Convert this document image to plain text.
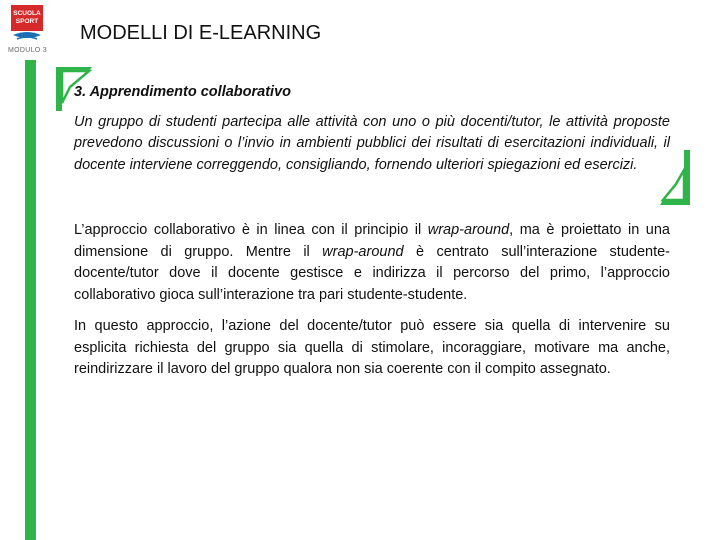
SCUOLA
SPORT
MODULO 3
MODELLI DI E-LEARNING
3. Apprendimento collaborativo

Un gruppo di studenti partecipa alle attività con uno o più docenti/tutor, le attività proposte prevedono discussioni o l’invio in ambienti pubblici dei risultati di esercitazioni individuali, il docente interviene correggendo, consigliando, fornendo ulteriori spiegazioni ed esercizi.

L’approccio collaborativo è in linea con il principio il wrap-around, ma è proiettato in una dimensione di gruppo. Mentre il wrap-around è centrato sull’interazione studente-docente/tutor dove il docente gestisce e indirizza il percorso del primo, l’approccio collaborativo gioca sull’interazione tra pari studente-studente.

In questo approccio, l’azione del docente/tutor può essere sia quella di intervenire su esplicita richiesta del gruppo sia quella di stimolare, incoraggiare, motivare ma anche, reindirizzare il lavoro del gruppo qualora non sia coerente con il compito assegnato.
